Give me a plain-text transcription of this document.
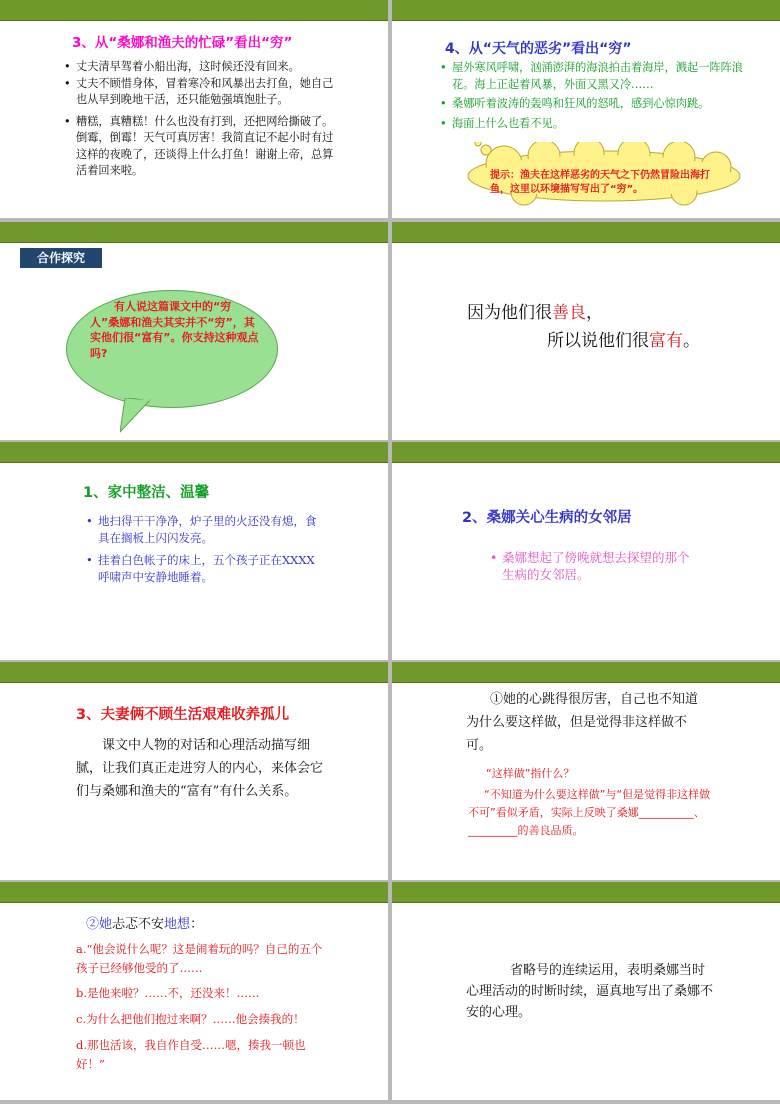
3、从“桑娜和渔夫的忙碌”看出“穷”
• 丈夫清早驾着小船出海，这时候还没有回来。
• 丈夫不顾惜身体，冒着寒冷和风暴出去打鱼，她自己也从早到晚地干活，还只能勉强填饱肚子。
• 糟糕，真糟糕！什么也没有打到，还把网给撕破了。倒霉，倒霉！天气可真厉害！我简直记不起小时有过这样的夜晚了，还谈得上什么打鱼！谢谢上帝，总算活着回来啦。
4、从“天气的恶劣”看出“穷”
• 屋外寒风呼啸，汹涌澎湃的海浪拍击着海岸，溅起一阵阵浪花。海上正起着风暴，外面又黑又冷……
• 桑娜听着波涛的轰鸣和狂风的怒吼，感到心惊肉跳。
• 海面上什么也看不见。
提示：渔夫在这样恶劣的天气之下仍然冒险出海打鱼，这里以环境描写写出了“穷”。
合作探究
有人说这篇课文中的“穷人”桑娜和渔夫其实并不“穷”，其实他们很“富有”。你支持这种观点吗?
因为他们很善良，
所以说他们很富有。
1、家中整洁、温馨
• 地扫得干干净净，炉子里的火还没有熄，食具在搁板上闪闪发亮。
• 挂着白色帐子的床上，五个孩子正在XXXX呼啸声中安静地睡着。
2、桑娜关心生病的女邻居
• 桑娜想起了傍晚就想去探望的那个生病的女邻居。
3、夫妻俩不顾生活艰难收养孤儿
课文中人物的对话和心理活动描写细腻，让我们真正走进穷人的内心，来体会它们与桑娜和渔夫的“富有”有什么关系。
①她的心跳得很厉害，自己也不知道为什么要这样做，但是觉得非这样做不可。
“这样做”指什么？
“不知道为什么要这样做”与“但是觉得非这样做不可”看似矛盾，实际上反映了桑娜__________、_________的善良品质。
②她忐忑不安地想：
a.“他会说什么呢？这是闹着玩的吗？自己的五个孩子已经够他受的了……
b.是他来啦？……不，还没来！……
c.为什么把他们抱过来啊？……他会揍我的！
d.那也活该，我自作自受……嗯，揍我一顿也好！”
省略号的连续运用，表明桑娜当时心理活动的时断时续，逼真地写出了桑娜不安的心理。
